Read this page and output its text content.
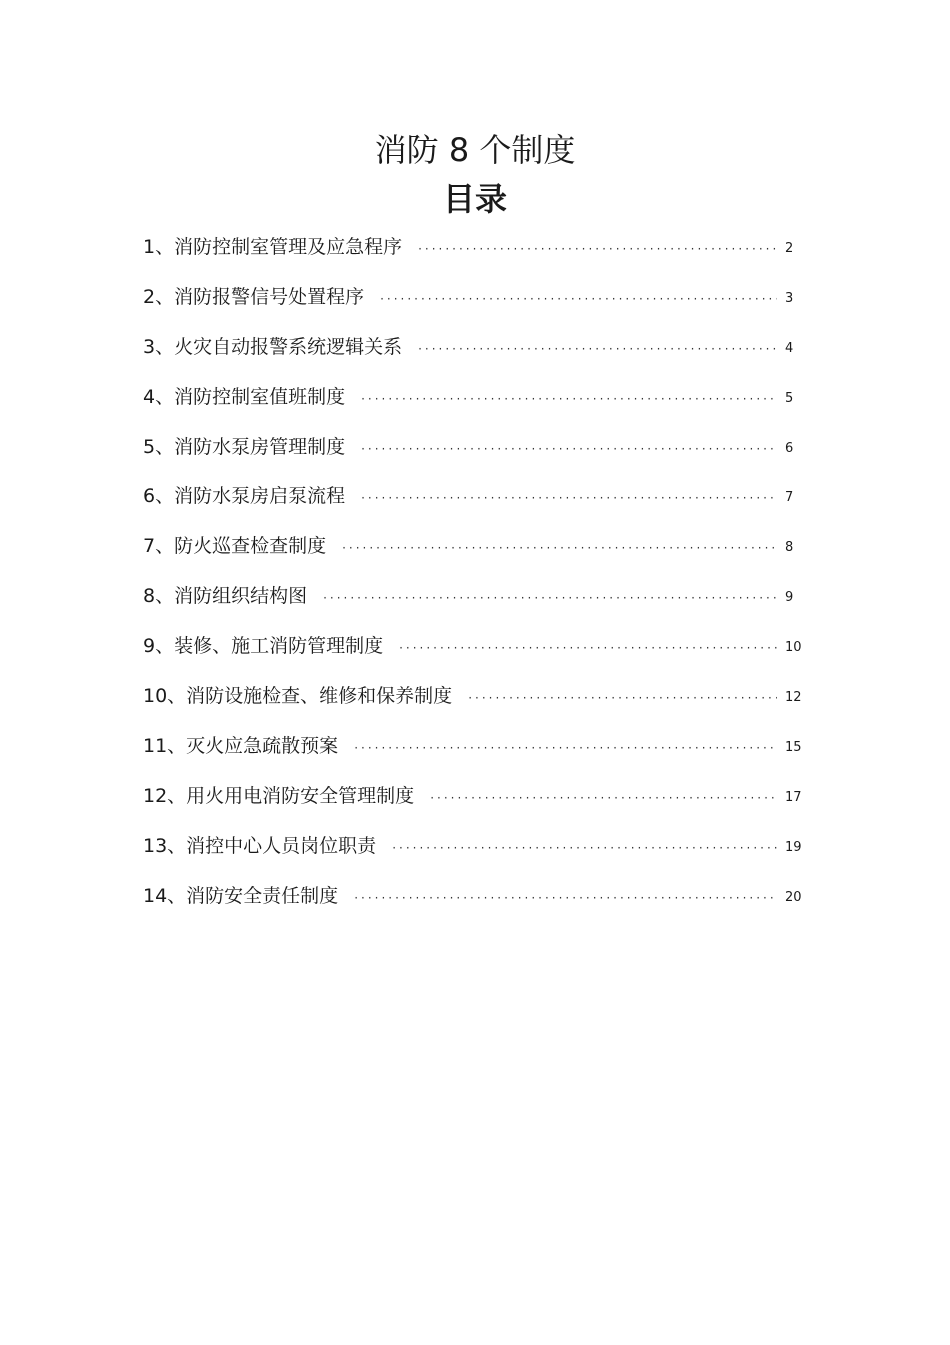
消防 8 个制度
目录
1、消防控制室管理及应急程序 ·····	2
2、消防报警信号处置程序 ·····	3
3、火灾自动报警系统逻辑关系 ·····	4
4、消防控制室值班制度 ·····	5
5、消防水泵房管理制度 ·····	6
6、消防水泵房启泵流程 ·····	7
7、防火巡查检查制度 ·····	8
8、消防组织结构图 ·····	9
9、装修、施工消防管理制度 ·····	10
10、消防设施检查、维修和保养制度 ·····	12
11、灭火应急疏散预案 ·····	15
12、用火用电消防安全管理制度 ·····	17
13、消控中心人员岗位职责 ·····	19
14、消防安全责任制度 ·····	20
